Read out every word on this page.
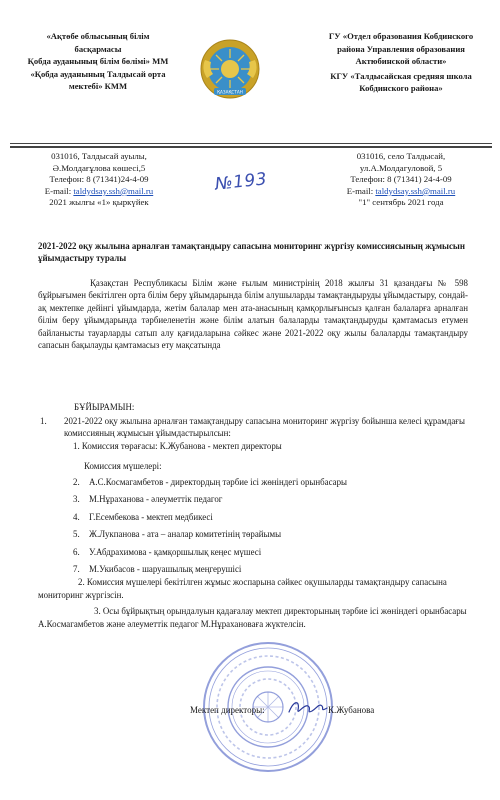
«Ақтөбе облысының білім
басқармасы
Қобда ауданының білім бөлімі» ММ
«Қобда ауданының Талдысай орта
мектебі» КММ
ҚАЗАҚСТАН
ГУ «Отдел образования Кобдинского
района Управления образования
Актюбинской области»
КГУ «Талдысайская средняя школа
Кобдинского района»
031016, Талдысай ауылы,
Ә.Молдағұлова көшесі,5
Телефон: 8 (71341)24-4-09
E-mail: taldydsay.ssh@mail.ru
2021 жылғы «1» қыркүйек
№193
031016, село Талдысай,
ул.А.Молдагуловой, 5
Телефон: 8 (71341) 24-4-09
E-mail: taldydsay.ssh@mail.ru
"1" сентябрь 2021 года
2021-2022 оқу жылына арналған тамақтандыру сапасына мониторинг жүргізу комиссиясының жұмысын ұйымдастыру туралы
Қазақстан Республикасы Білім және ғылым министрінің 2018 жылғы 31 қазандағы № 598 бұйрығымен бекітілген орта білім беру ұйымдарында білім алушыларды тамақтандыруды ұйымдастыру, сондай-ақ мектепке дейінгі ұйымдарда, жетім балалар мен ата-анасының қамқорлығынсыз қалған балаларға арналған білім беру ұйымдарында тәрбиеленетін және білім алатын балаларды тамақтандыруды қамтамасыз етумен байланысты тауарларды сатып алу қағидаларына сәйкес және 2021-2022 оқу жылы балаларды тамақтандыру сапасын бақылауды қамтамасыз ету мақсатында
БҰЙЫРАМЫН:
1. 2021-2022 оқу жылына арналған тамақтандыру сапасына мониторинг жүргізу бойынша келесі құрамдағы комиссияның жұмысын ұйымдастырылсын:
1. Комиссия төрағасы: К.Жубанова - мектеп директоры
Комиссия мүшелері:
2. А.С.Космагамбетов - директордың тәрбие ісі жөніндегі орынбасары
3. М.Нұраханова - әлеуметтік педагог
4. Г.Есембекова - мектеп медбикесі
5. Ж.Лукпанова - ата – аналар комитетінің төрайымы
6. У.Абдрахимова - қамқоршылық кеңес мүшесі
7. М.Укибасов - шаруашылық меңгерушісі
2. Комиссия мүшелері бекітілген жұмыс жоспарына сәйкес оқушыларды тамақтандыру сапасына мониторинг жүргізсін.
3. Осы бұйрықтың орындалуын қадағалау мектеп директорының тәрбие ісі жөніндегі орынбасары А.Космагамбетов және әлеуметтік педагог М.Нұрахановаға жүктелсін.
Мектеп директоры:	К.Жубанова
